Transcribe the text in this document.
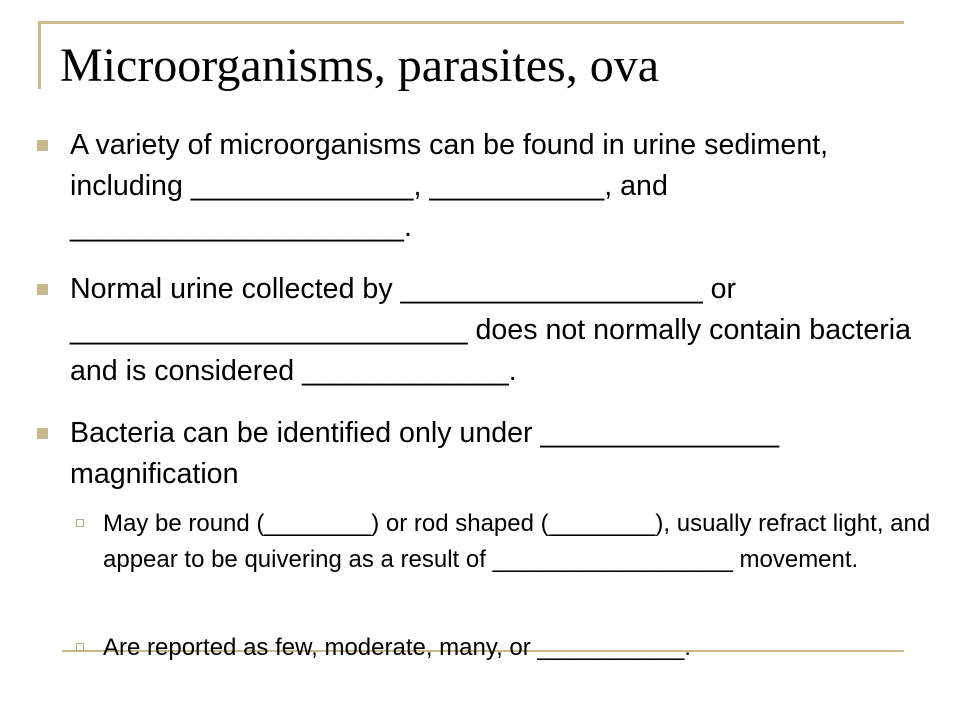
Microorganisms, parasites, ova

A variety of microorganisms can be found in urine sediment, including ______________, ___________, and _____________________.

Normal urine collected by ___________________ or _________________________ does not normally contain bacteria and is considered _____________.

Bacteria can be identified only under _______________ magnification

May be round (________) or rod shaped (________), usually refract light, and appear to be quivering as a result of __________________ movement.

Are reported as few, moderate, many, or ___________.
